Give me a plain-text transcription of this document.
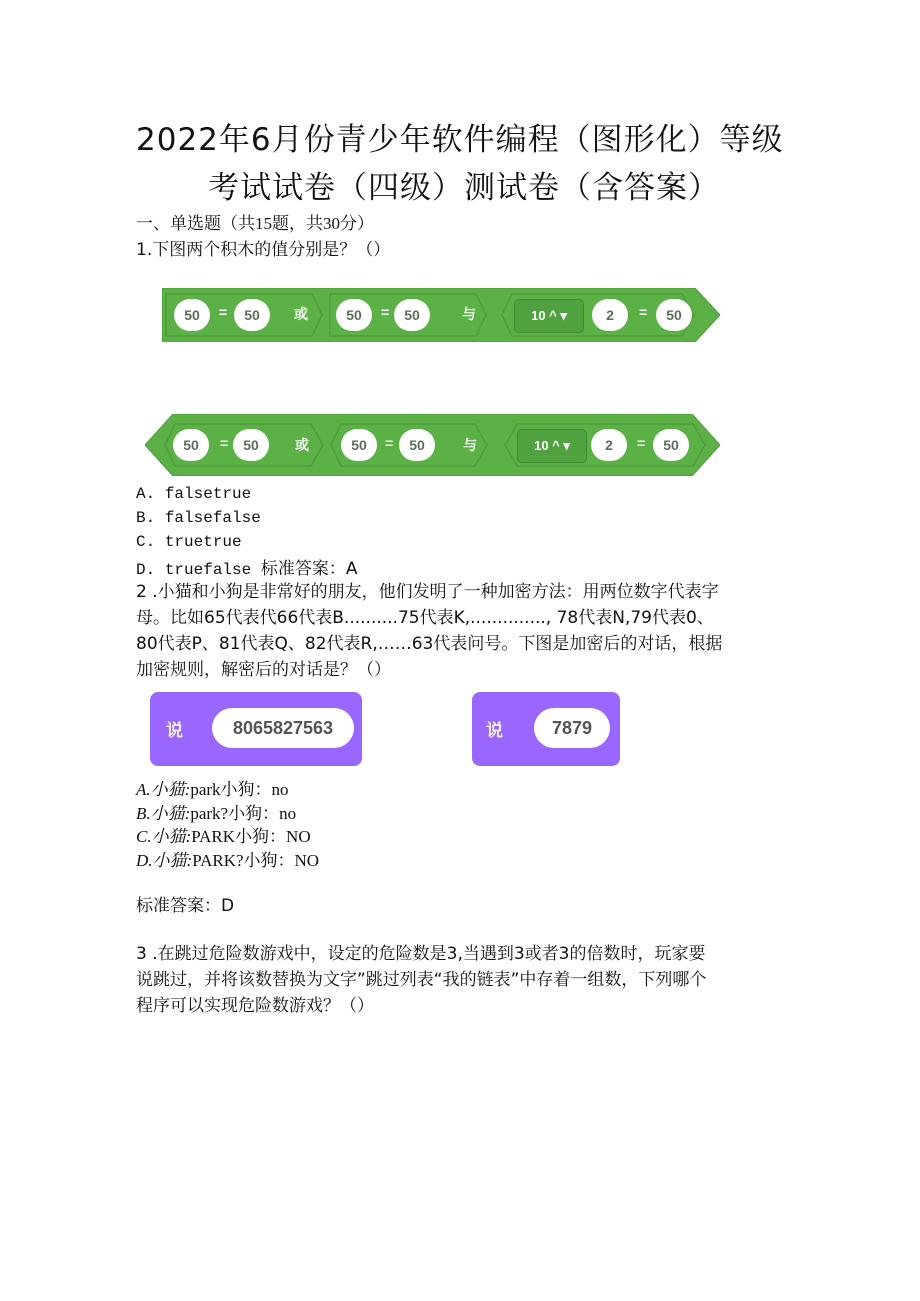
2022年6月份青少年软件编程（图形化）等级
考试试卷（四级）测试卷（含答案）
一、单选题（共15题，共30分）
1.下图两个积木的值分别是？（）
50	=	50	或	50	=	50	与	10 ^ ▾	2	=	50
50	=	50	或	50	=	50	与	10 ^ ▾	2	=	50
A. falsetrue
B. falsefalse
C. truetrue
D. truefalse 标准答案：A
2 .小猫和小狗是非常好的朋友，他们发明了一种加密方法：用两位数字代表字
母。比如65代表代66代表B..........75代表K,.............., 78代表N,79代表0、
80代表P、81代表Q、82代表R,……63代表问号。下图是加密后的对话，根据
加密规则，解密后的对话是？（）
说	8065827563	说	7879
A.小猫:park小狗：no
B.小猫:park?小狗：no
C.小猫:PARK小狗：NO
D.小猫:PARK?小狗：NO
标准答案：D
3 .在跳过危险数游戏中，设定的危险数是3,当遇到3或者3的倍数时，玩家要
说跳过，并将该数替换为文字”跳过列表“我的链表”中存着一组数，下列哪个
程序可以实现危险数游戏？（）
